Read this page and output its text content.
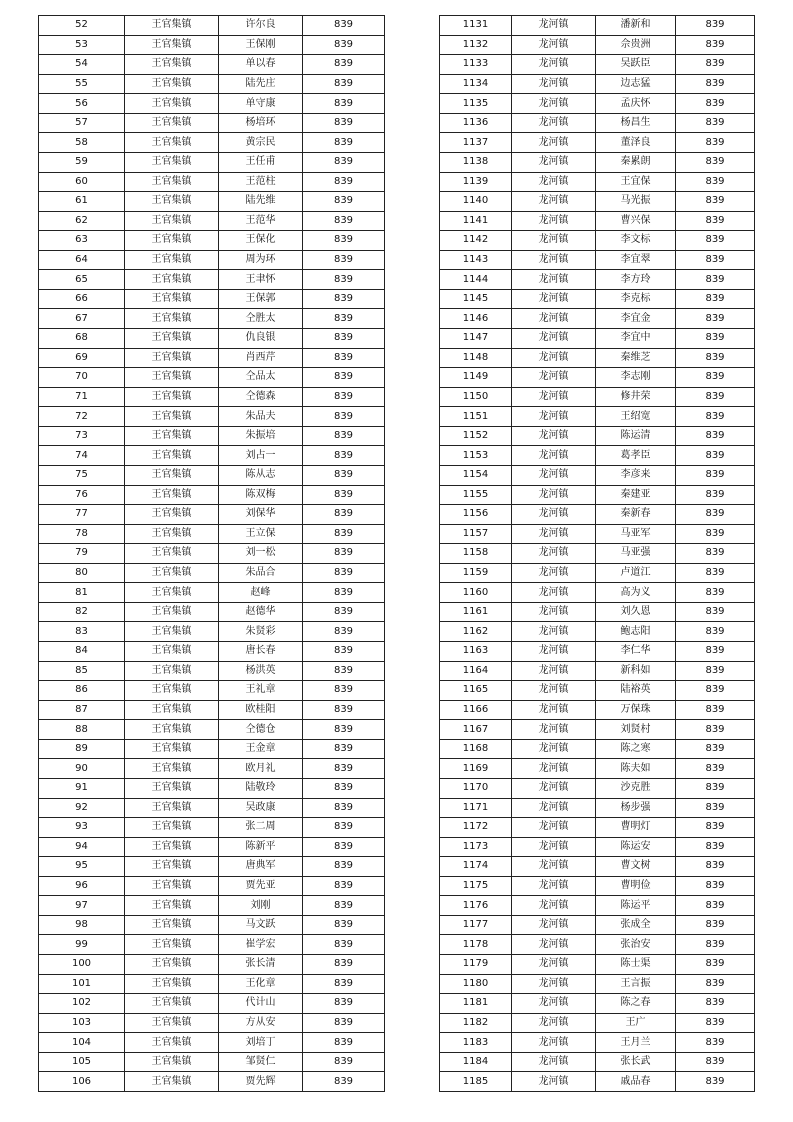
52	王官集镇	许尔良	839
53	王官集镇	王保刚	839
54	王官集镇	单以春	839
55	王官集镇	陆先庄	839
56	王官集镇	单守康	839
57	王官集镇	杨培环	839
58	王官集镇	黄宗民	839
59	王官集镇	王任甫	839
60	王官集镇	王范柱	839
61	王官集镇	陆先维	839
62	王官集镇	王范华	839
63	王官集镇	王保化	839
64	王官集镇	周为环	839
65	王官集镇	王聿怀	839
66	王官集镇	王保郭	839
67	王官集镇	仝胜太	839
68	王官集镇	仇良银	839
69	王官集镇	肖西芹	839
70	王官集镇	仝品太	839
71	王官集镇	仝德森	839
72	王官集镇	朱品夫	839
73	王官集镇	朱振培	839
74	王官集镇	刘占一	839
75	王官集镇	陈从志	839
76	王官集镇	陈双梅	839
77	王官集镇	刘保华	839
78	王官集镇	王立保	839
79	王官集镇	刘一松	839
80	王官集镇	朱品合	839
81	王官集镇	赵峰	839
82	王官集镇	赵德华	839
83	王官集镇	朱贤彩	839
84	王官集镇	唐长春	839
85	王官集镇	杨洪英	839
86	王官集镇	王礼章	839
87	王官集镇	欧桂阳	839
88	王官集镇	仝德仓	839
89	王官集镇	王金章	839
90	王官集镇	欧月礼	839
91	王官集镇	陆敬玲	839
92	王官集镇	吴政康	839
93	王官集镇	张二周	839
94	王官集镇	陈新平	839
95	王官集镇	唐典军	839
96	王官集镇	贾先亚	839
97	王官集镇	刘刚	839
98	王官集镇	马文跃	839
99	王官集镇	崔学宏	839
100	王官集镇	张长清	839
101	王官集镇	王化章	839
102	王官集镇	代计山	839
103	王官集镇	方从安	839
104	王官集镇	刘培丁	839
105	王官集镇	邹贤仁	839
106	王官集镇	贾先辉	839
1131	龙河镇	潘新和	839
1132	龙河镇	佘贵洲	839
1133	龙河镇	吴跃臣	839
1134	龙河镇	边志猛	839
1135	龙河镇	孟庆怀	839
1136	龙河镇	杨昌生	839
1137	龙河镇	董泽良	839
1138	龙河镇	秦累朗	839
1139	龙河镇	王宜保	839
1140	龙河镇	马光振	839
1141	龙河镇	曹兴保	839
1142	龙河镇	李文标	839
1143	龙河镇	李宜翠	839
1144	龙河镇	李方玲	839
1145	龙河镇	李克标	839
1146	龙河镇	李宜金	839
1147	龙河镇	李宜中	839
1148	龙河镇	秦维芝	839
1149	龙河镇	李志刚	839
1150	龙河镇	修井荣	839
1151	龙河镇	王绍宽	839
1152	龙河镇	陈运清	839
1153	龙河镇	葛孝臣	839
1154	龙河镇	李彦来	839
1155	龙河镇	秦建亚	839
1156	龙河镇	秦新春	839
1157	龙河镇	马亚军	839
1158	龙河镇	马亚强	839
1159	龙河镇	卢道江	839
1160	龙河镇	高为义	839
1161	龙河镇	刘久恩	839
1162	龙河镇	鲍志阳	839
1163	龙河镇	李仁华	839
1164	龙河镇	新科如	839
1165	龙河镇	陆裕英	839
1166	龙河镇	万保珠	839
1167	龙河镇	刘贤村	839
1168	龙河镇	陈之寒	839
1169	龙河镇	陈夫如	839
1170	龙河镇	沙克胜	839
1171	龙河镇	杨步强	839
1172	龙河镇	曹明灯	839
1173	龙河镇	陈运安	839
1174	龙河镇	曹文树	839
1175	龙河镇	曹明俭	839
1176	龙河镇	陈运平	839
1177	龙河镇	张成全	839
1178	龙河镇	张治安	839
1179	龙河镇	陈士渠	839
1180	龙河镇	王言振	839
1181	龙河镇	陈之春	839
1182	龙河镇	王广	839
1183	龙河镇	王月兰	839
1184	龙河镇	张长武	839
1185	龙河镇	戚品春	839
